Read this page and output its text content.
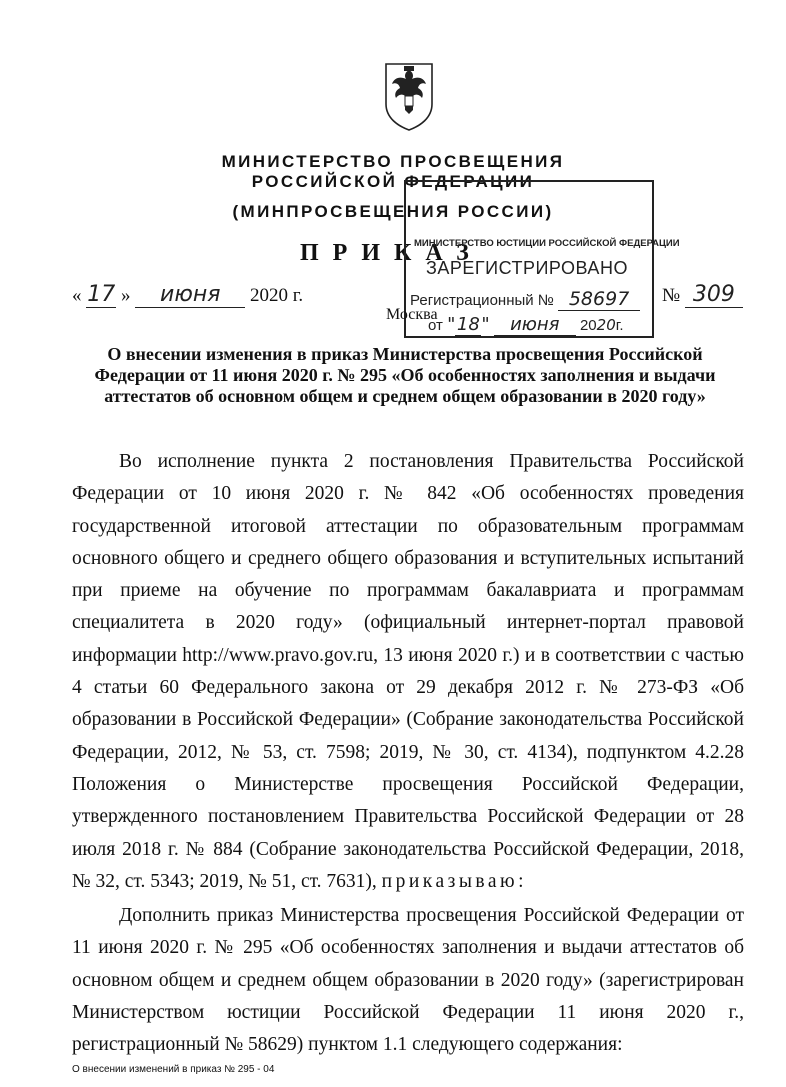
МИНИСТЕРСТВО ПРОСВЕЩЕНИЯ
РОССИЙСКОЙ ФЕДЕРАЦИИ
(МИНПРОСВЕЩЕНИЯ РОССИИ)
ПРИКАЗ
МИНИСТЕРСТВО ЮСТИЦИИ РОССИЙСКОЙ ФЕДЕРАЦИИ
ЗАРЕГИСТРИРОВАНО
Регистрационный № 58697
от "18" июня 2020г.
« 17 » июня 2020 г.	№ 309
Москва
О внесении изменения в приказ Министерства просвещения Российской Федерации от 11 июня 2020 г. № 295 «Об особенностях заполнения и выдачи аттестатов об основном общем и среднем общем образовании в 2020 году»

Во исполнение пункта 2 постановления Правительства Российской Федерации от 10 июня 2020 г. № 842 «Об особенностях проведения государственной итоговой аттестации по образовательным программам основного общего и среднего общего образования и вступительных испытаний при приеме на обучение по программам бакалавриата и программам специалитета в 2020 году» (официальный интернет-портал правовой информации http://www.pravo.gov.ru, 13 июня 2020 г.) и в соответствии с частью 4 статьи 60 Федерального закона от 29 декабря 2012 г. № 273-ФЗ «Об образовании в Российской Федерации» (Собрание законодательства Российской Федерации, 2012, № 53, ст. 7598; 2019, № 30, ст. 4134), подпунктом 4.2.28 Положения о Министерстве просвещения Российской Федерации, утвержденного постановлением Правительства Российской Федерации от 28 июля 2018 г. № 884 (Собрание законодательства Российской Федерации, 2018, № 32, ст. 5343; 2019, № 51, ст. 7631), приказываю:

Дополнить приказ Министерства просвещения Российской Федерации от 11 июня 2020 г. № 295 «Об особенностях заполнения и выдачи аттестатов об основном общем и среднем общем образовании в 2020 году» (зарегистрирован Министерством юстиции Российской Федерации 11 июня 2020 г., регистрационный № 58629) пунктом 1.1 следующего содержания:

О внесении изменений в приказ № 295 - 04
